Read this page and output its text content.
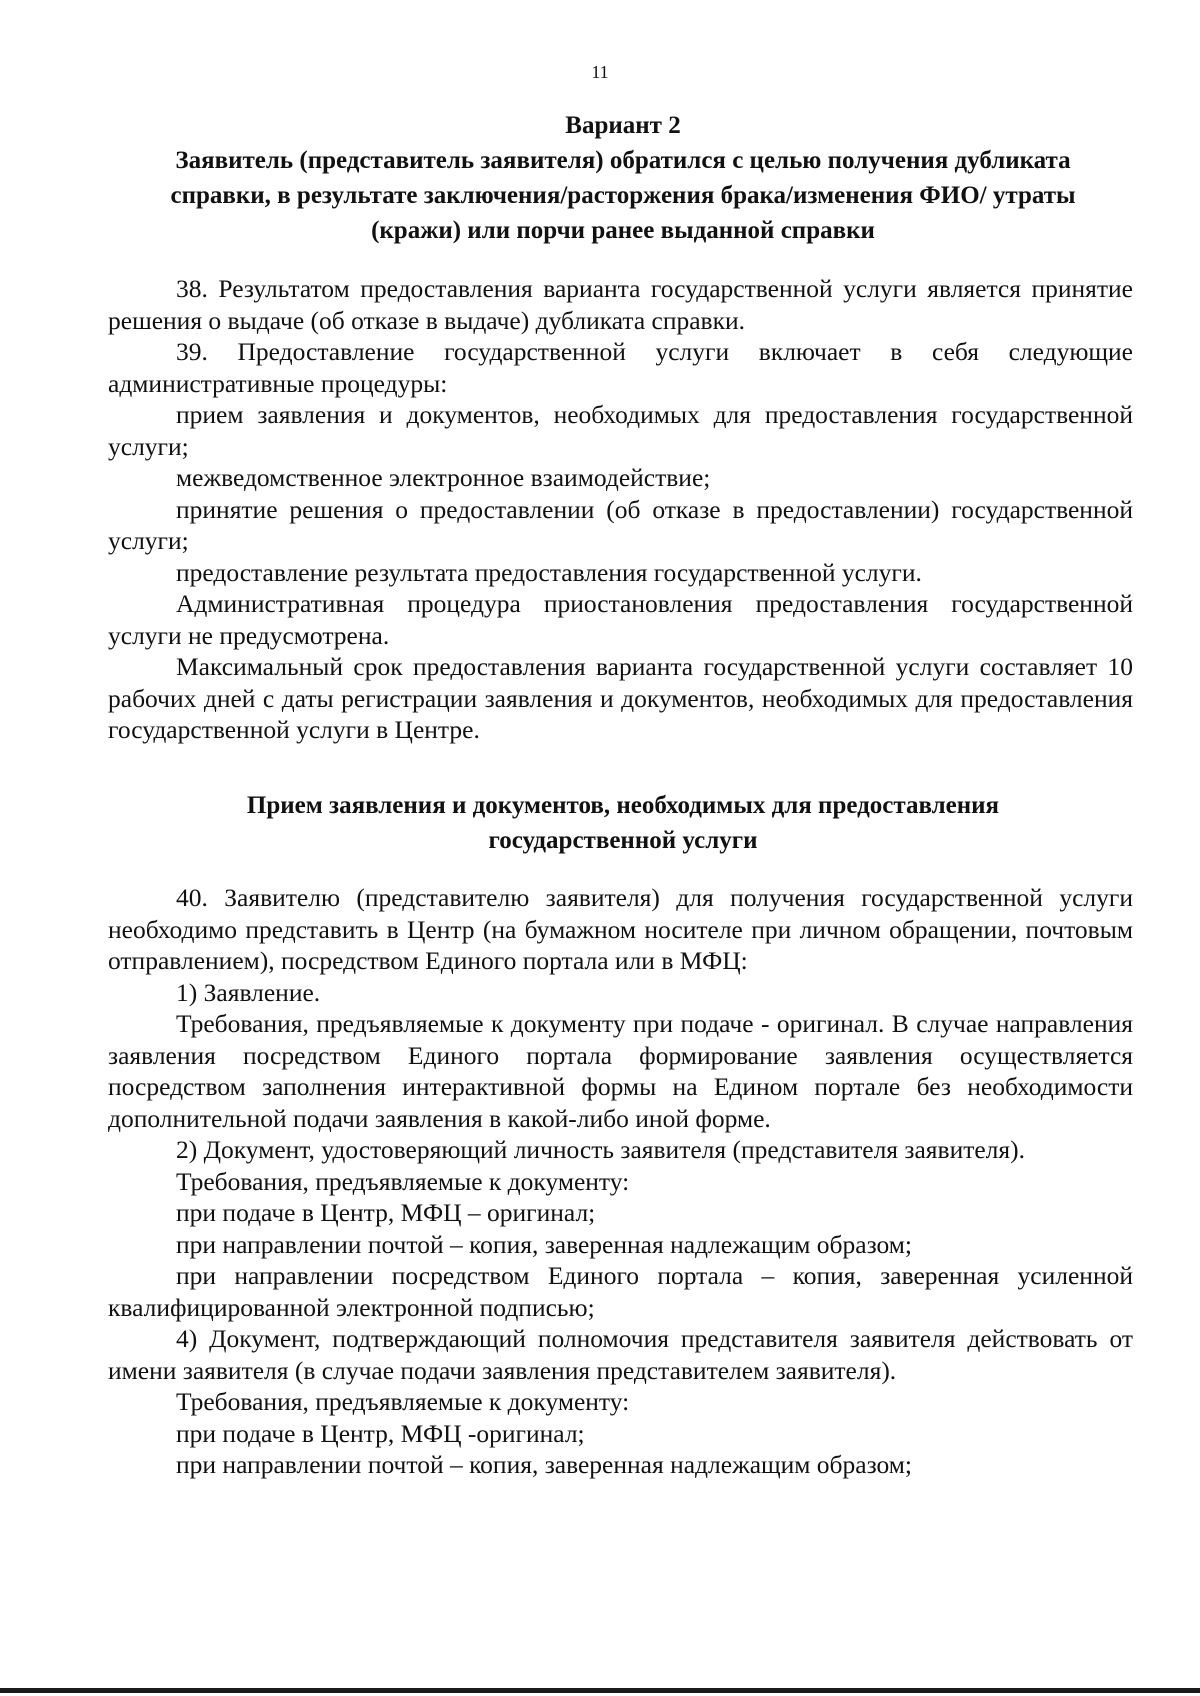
11
Вариант 2
Заявитель (представитель заявителя) обратился с целью получения дубликата
справки, в результате заключения/расторжения брака/изменения ФИО/ утраты
(кражи) или порчи ранее выданной справки

38. Результатом предоставления варианта государственной услуги является принятие решения о выдаче (об отказе в выдаче) дубликата справки.

39. Предоставление государственной услуги включает в себя следующие административные процедуры:

прием заявления и документов, необходимых для предоставления государственной услуги;

межведомственное электронное взаимодействие;

принятие решения о предоставлении (об отказе в предоставлении) государственной услуги;

предоставление результата предоставления государственной услуги.

Административная процедура приостановления предоставления государственной услуги не предусмотрена.

Максимальный срок предоставления варианта государственной услуги составляет 10 рабочих дней с даты регистрации заявления и документов, необходимых для предоставления государственной услуги в Центре.

Прием заявления и документов, необходимых для предоставления
государственной услуги

40. Заявителю (представителю заявителя) для получения государственной услуги необходимо представить в Центр (на бумажном носителе при личном обращении, почтовым отправлением), посредством Единого портала или в МФЦ:

1) Заявление.

Требования, предъявляемые к документу при подаче - оригинал. В случае направления заявления посредством Единого портала формирование заявления осуществляется посредством заполнения интерактивной формы на Едином портале без необходимости дополнительной подачи заявления в какой-либо иной форме.

2) Документ, удостоверяющий личность заявителя (представителя заявителя).

Требования, предъявляемые к документу:

при подаче в Центр, МФЦ – оригинал;

при направлении почтой – копия, заверенная надлежащим образом;

при направлении посредством Единого портала – копия, заверенная усиленной квалифицированной электронной подписью;

4) Документ, подтверждающий полномочия представителя заявителя действовать от имени заявителя (в случае подачи заявления представителем заявителя).

Требования, предъявляемые к документу:

при подаче в Центр, МФЦ -оригинал;

при направлении почтой – копия, заверенная надлежащим образом;
